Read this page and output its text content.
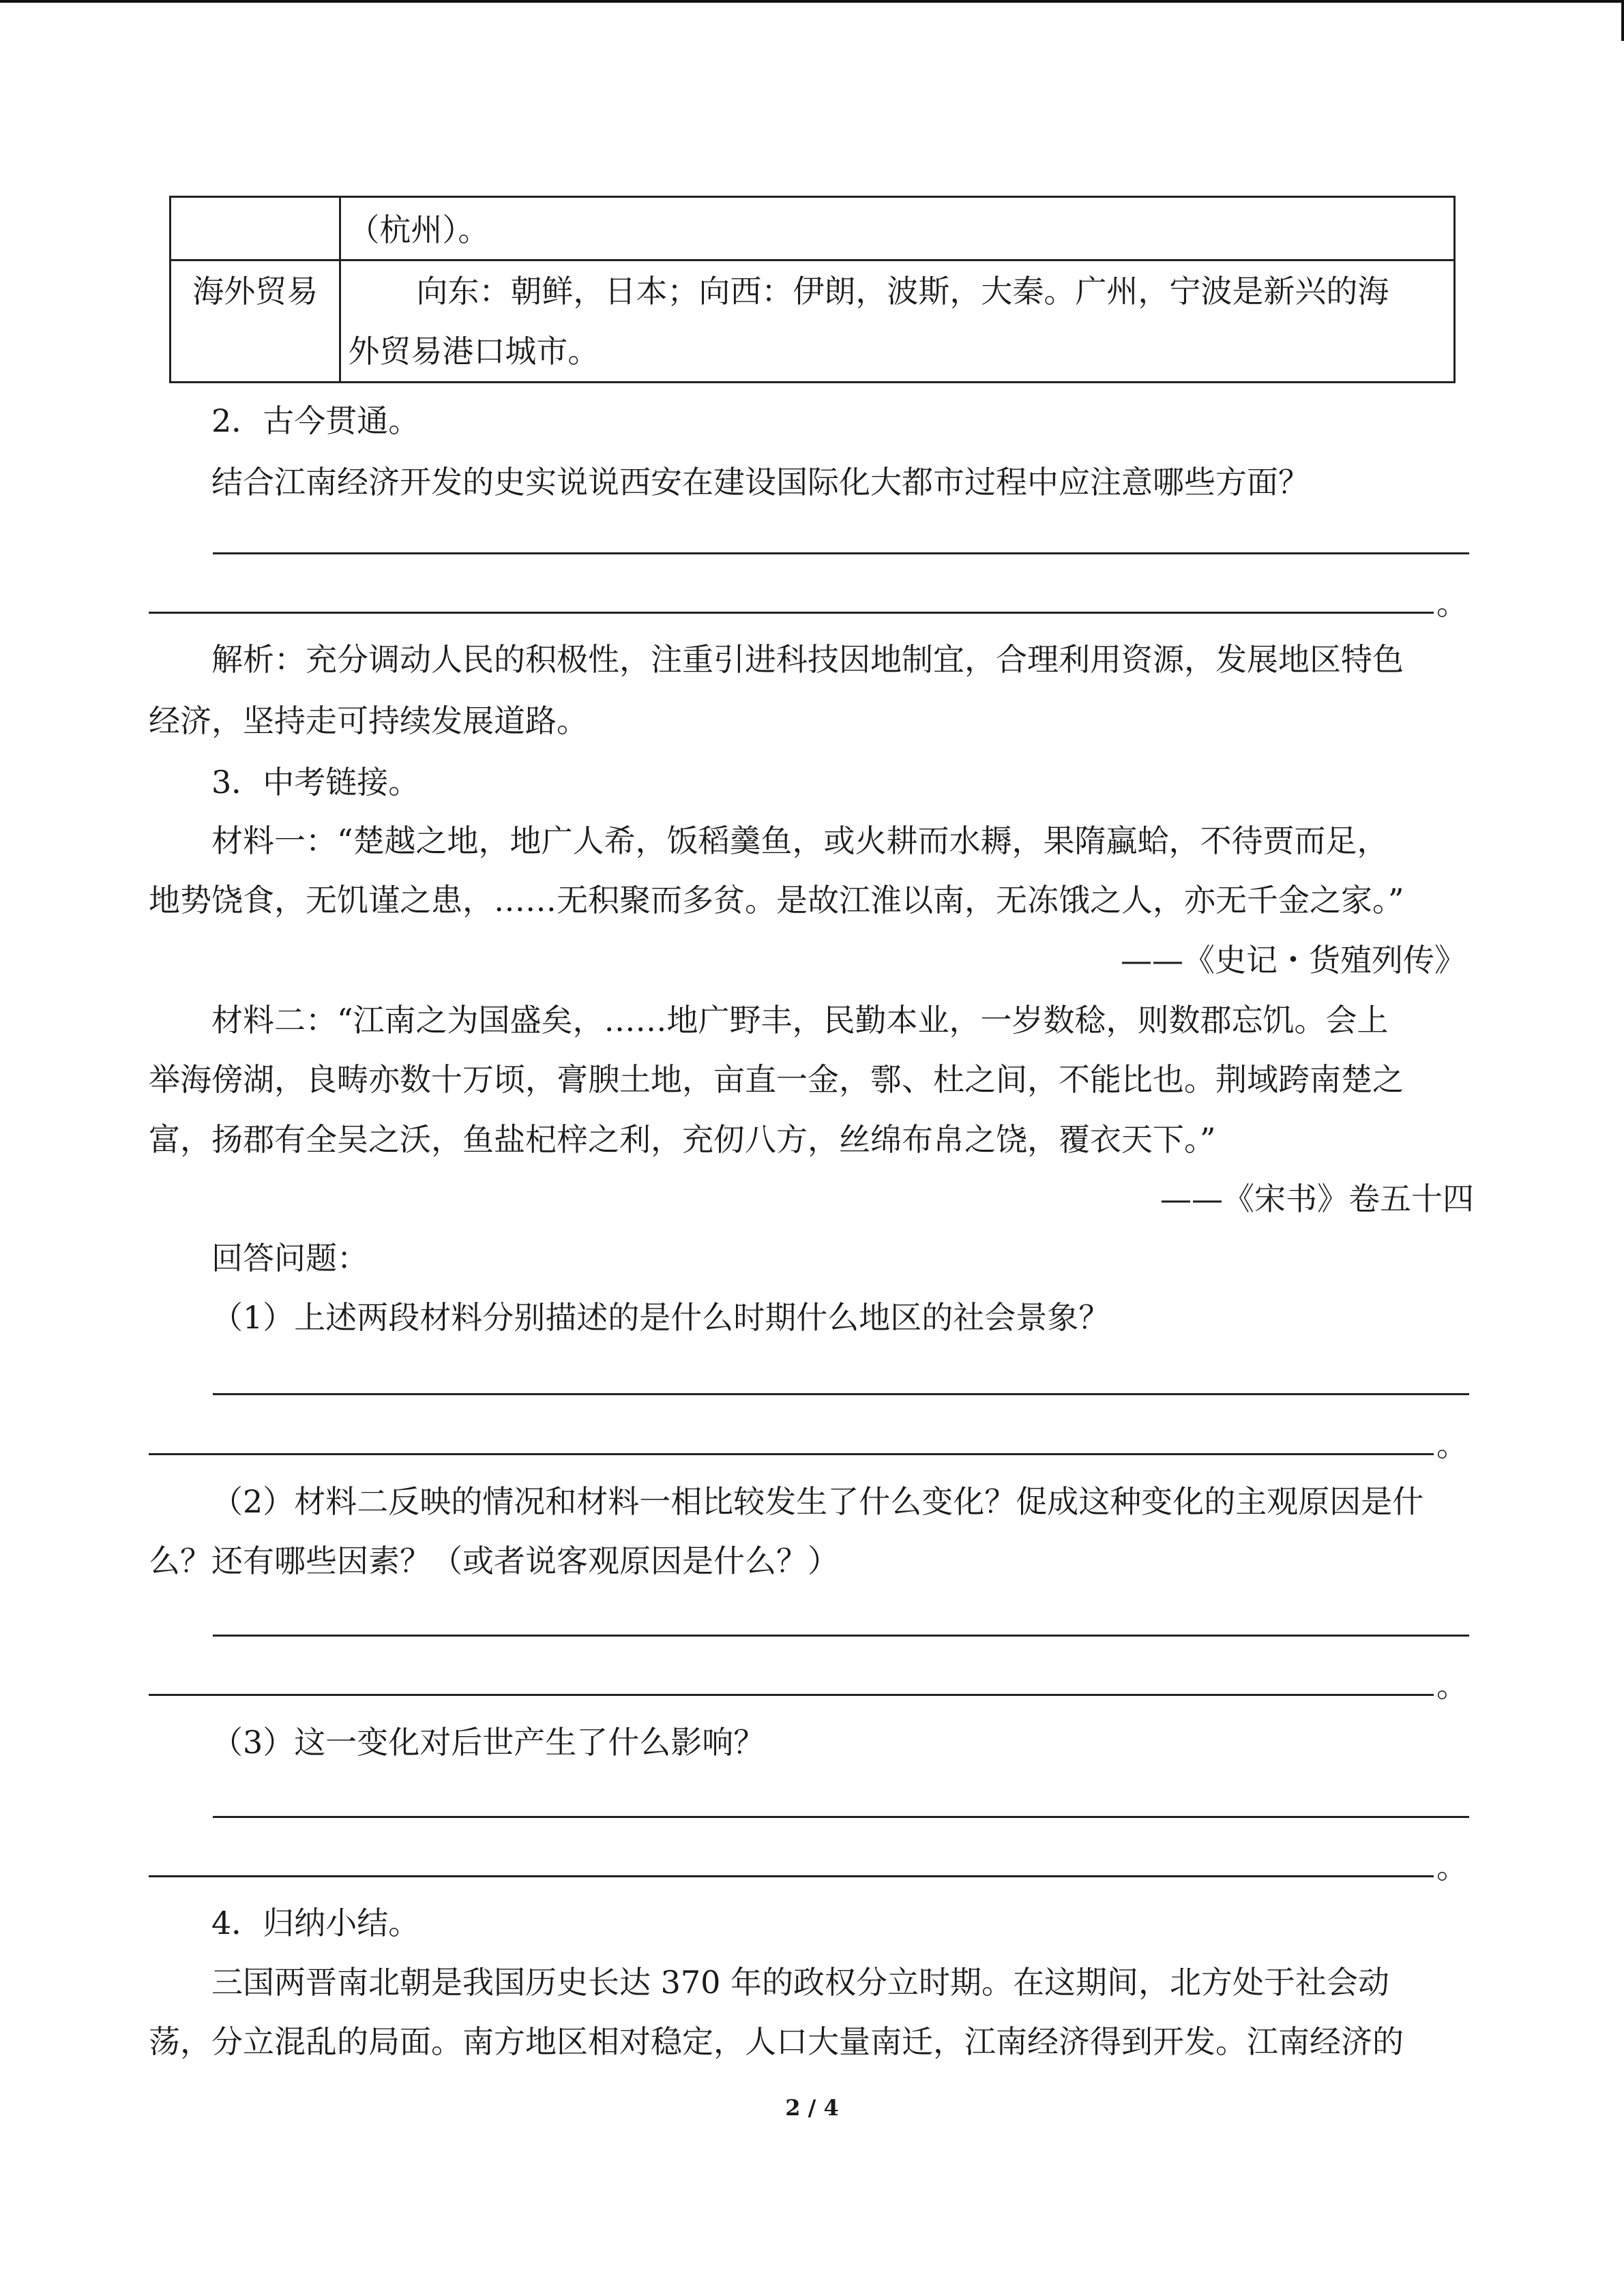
	（杭州）。

海外贸易	向东：朝鲜，日本；向西：伊朗，波斯，大秦。广州，宁波是新兴的海
外贸易港口城市。
2．古今贯通。
结合江南经济开发的史实说说西安在建设国际化大都市过程中应注意哪些方面？
。
解析：充分调动人民的积极性，注重引进科技因地制宜，合理利用资源，发展地区特色
经济，坚持走可持续发展道路。
3．中考链接。
材料一：“楚越之地，地广人希，饭稻羹鱼，或火耕而水耨，果隋蠃蛤，不待贾而足，
地势饶食，无饥谨之患，……无积聚而多贫。是故江淮以南，无冻饿之人，亦无千金之家。”
——《史记・货殖列传》
材料二：“江南之为国盛矣，……地广野丰，民勤本业，一岁数稔，则数郡忘饥。会上
举海傍湖，良畴亦数十万顷，膏腴土地，亩直一金，鄠、杜之间，不能比也。荆域跨南楚之
富，扬郡有全吴之沃，鱼盐杞梓之利，充仞八方，丝绵布帛之饶，覆衣天下。”
——《宋书》卷五十四
回答问题：
（1）上述两段材料分别描述的是什么时期什么地区的社会景象？
。
（2）材料二反映的情况和材料一相比较发生了什么变化？促成这种变化的主观原因是什
么？还有哪些因素？（或者说客观原因是什么？）
。
（3）这一变化对后世产生了什么影响？
。
4．归纳小结。
三国两晋南北朝是我国历史长达 370 年的政权分立时期。在这期间，北方处于社会动
荡，分立混乱的局面。南方地区相对稳定，人口大量南迁，江南经济得到开发。江南经济的
2 / 4
